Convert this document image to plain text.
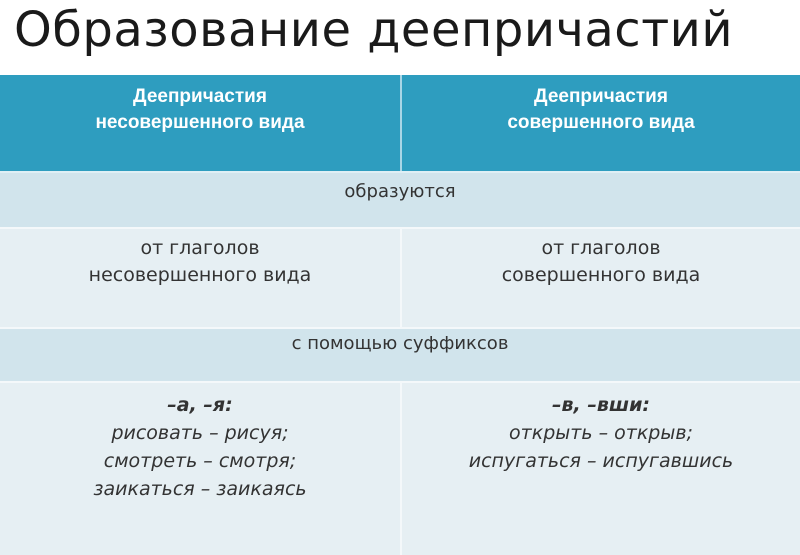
Образование деепричастий
Деепричастия
несовершенного вида
Деепричастия
совершенного вида
образуются
от глаголов
несовершенного вида
от глаголов
совершенного вида
с помощью суффиксов
–а, –я:
рисовать – рисуя;
смотреть – смотря;
заикаться – заикаясь
–в, –вши:
открыть – открыв;
испугаться – испугавшись
